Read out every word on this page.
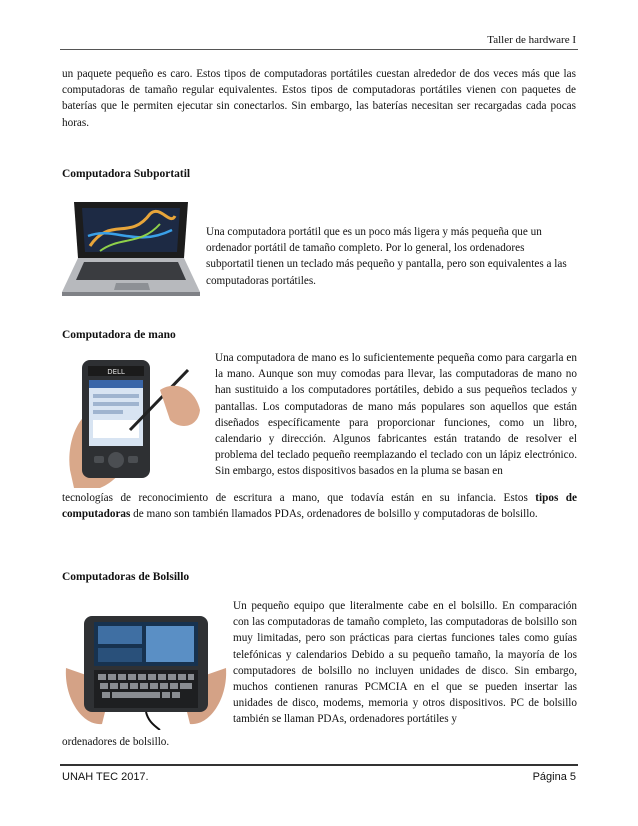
Taller de hardware I
un paquete pequeño es caro. Estos tipos de computadoras portátiles cuestan alrededor de dos veces más que las computadoras de tamaño regular equivalentes. Estos tipos de computadoras portátiles vienen con paquetes de baterías que le permiten ejecutar sin conectarlos. Sin embargo, las baterías necesitan ser recargadas cada pocas horas.
Computadora Subportatil
Una computadora portátil que es un poco más ligera y más pequeña que un ordenador portátil de tamaño completo. Por lo general, los ordenadores subportatil tienen un teclado más pequeño y pantalla, pero son equivalentes a las computadoras portátiles.
Computadora de mano
DELL
Una computadora de mano es lo suficientemente pequeña como para cargarla en la mano. Aunque son muy comodas para llevar, las computadoras de mano no han sustituido a los computadores portátiles, debido a sus pequeños teclados y pantallas. Los computadoras de mano más populares son aquellos que están diseñados específicamente para proporcionar funciones, como un libro, calendario y dirección. Algunos fabricantes están tratando de resolver el problema del teclado pequeño reemplazando el teclado con un lápiz electrónico. Sin embargo, estos dispositivos basados en la pluma se basan en
tecnologías de reconocimiento de escritura a mano, que todavía están en su infancia. Estos tipos de computadoras de mano son también llamados PDAs, ordenadores de bolsillo y computadoras de bolsillo.
Computadoras de Bolsillo
Un pequeño equipo que literalmente cabe en el bolsillo. En comparación con las computadoras de tamaño completo, las computadoras de bolsillo son muy limitadas, pero son prácticas para ciertas funciones tales como guías telefónicas y calendarios Debido a su pequeño tamaño, la mayoría de los computadores de bolsillo no incluyen unidades de disco. Sin embargo, muchos contienen ranuras PCMCIA en el que se pueden insertar las unidades de disco, modems, memoria y otros dispositivos. PC de bolsillo también se llaman PDAs, ordenadores portátiles y
ordenadores de bolsillo.
UNAH TEC 2017.	Página 5
